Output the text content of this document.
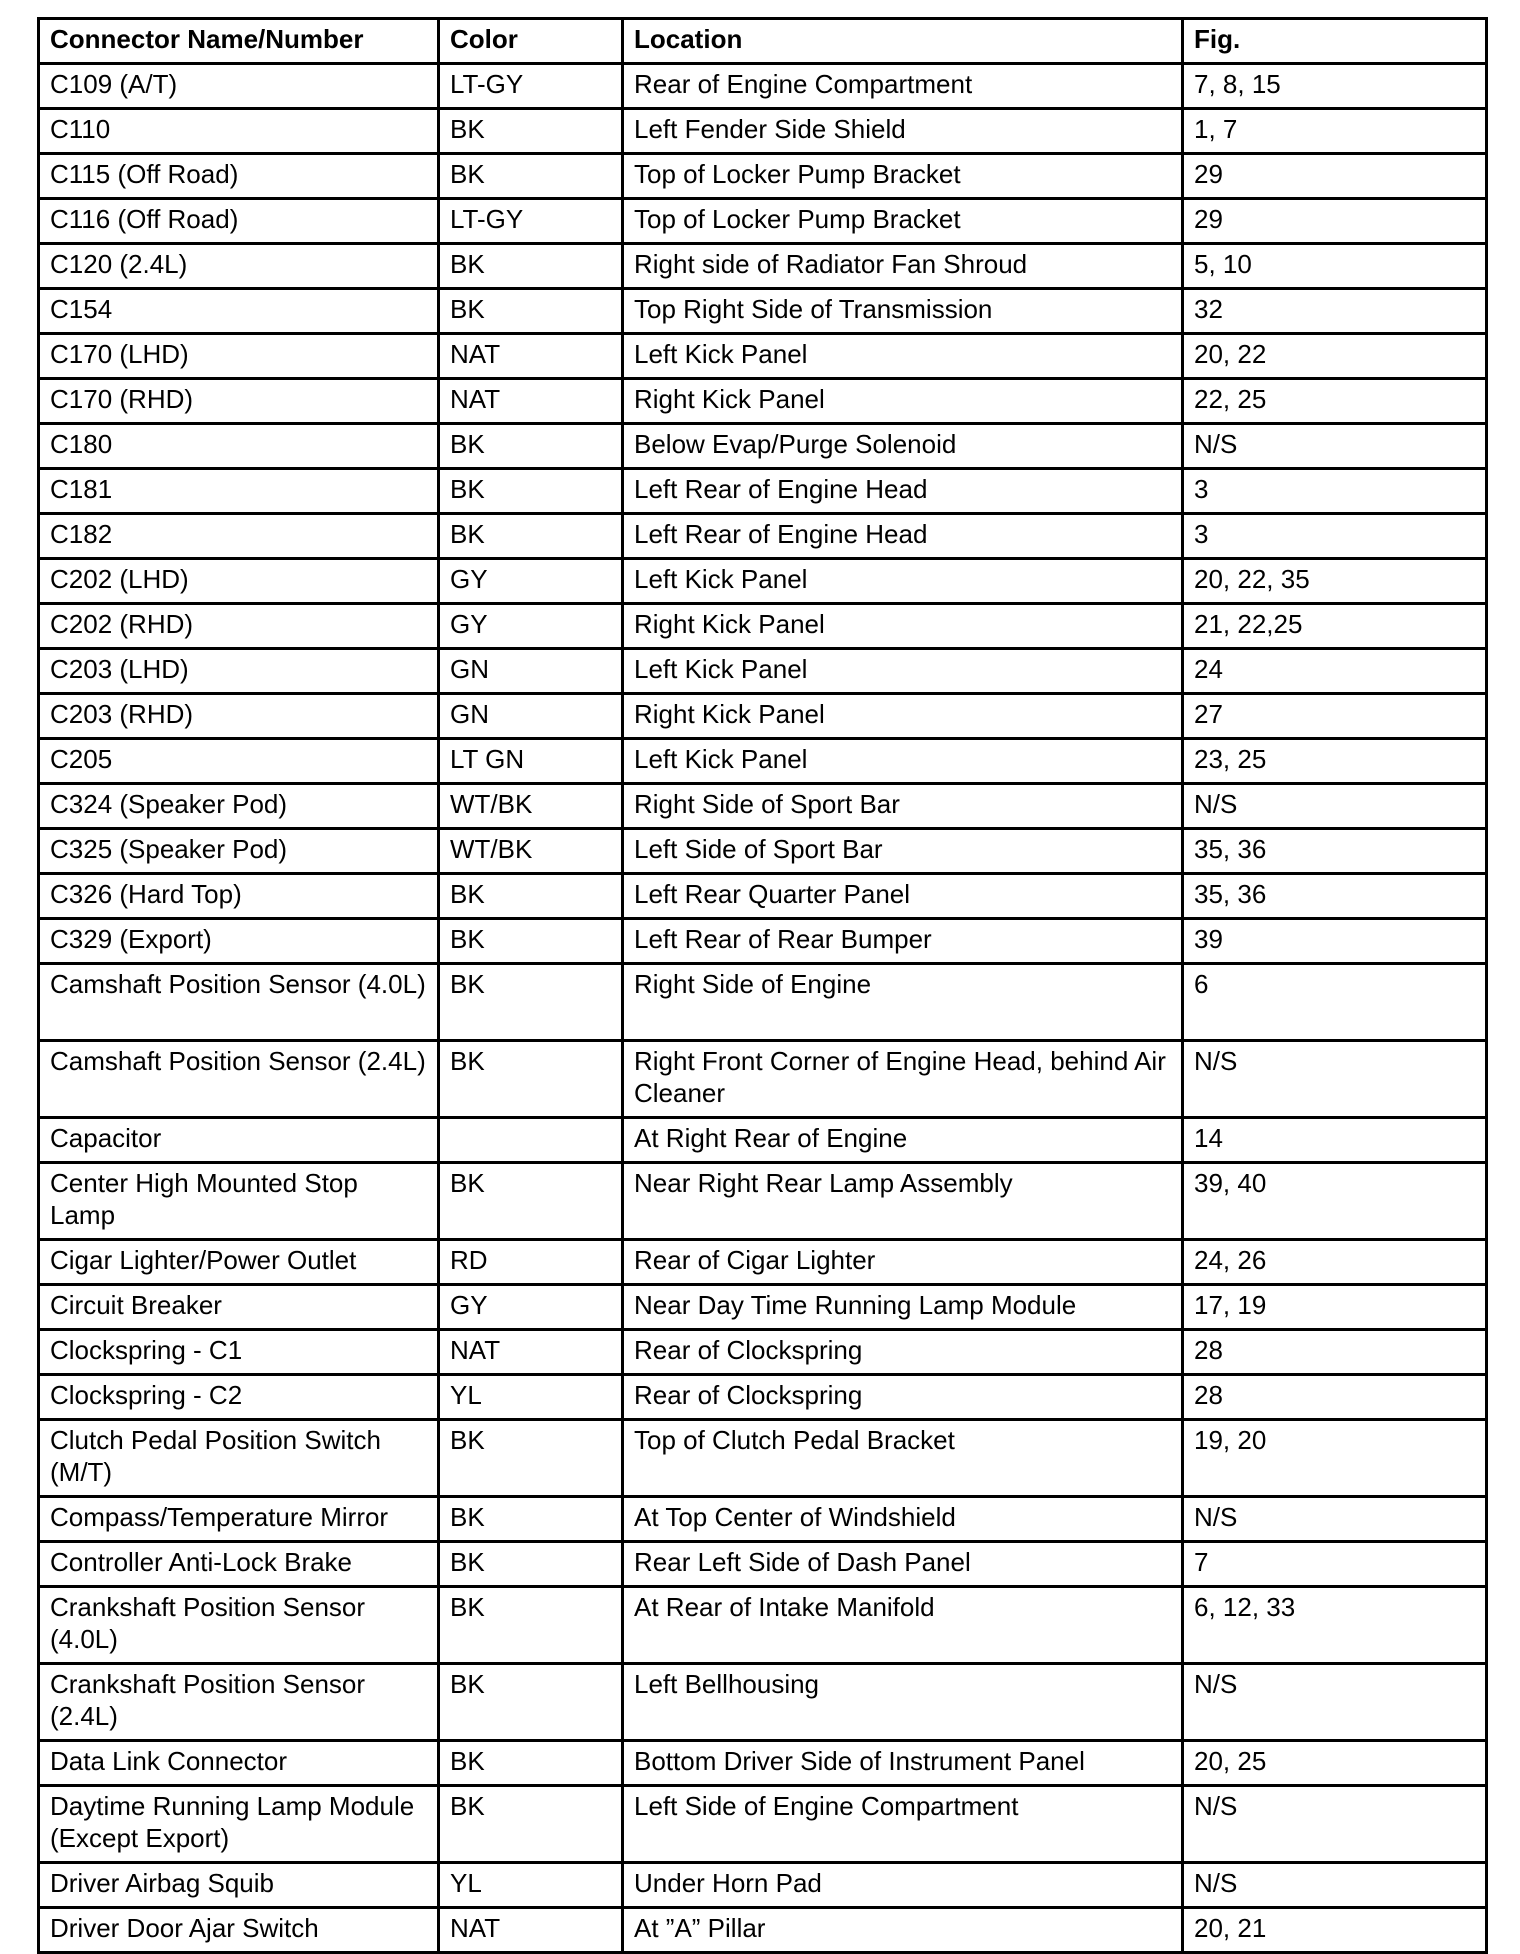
Connector Name/Number	Color	Location	Fig.
C109 (A/T)	LT-GY	Rear of Engine Compartment	7, 8, 15
C110	BK	Left Fender Side Shield	1, 7
C115 (Off Road)	BK	Top of Locker Pump Bracket	29
C116 (Off Road)	LT-GY	Top of Locker Pump Bracket	29
C120 (2.4L)	BK	Right side of Radiator Fan Shroud	5, 10
C154	BK	Top Right Side of Transmission	32
C170 (LHD)	NAT	Left Kick Panel	20, 22
C170 (RHD)	NAT	Right Kick Panel	22, 25
C180	BK	Below Evap/Purge Solenoid	N/S
C181	BK	Left Rear of Engine Head	3
C182	BK	Left Rear of Engine Head	3
C202 (LHD)	GY	Left Kick Panel	20, 22, 35
C202 (RHD)	GY	Right Kick Panel	21, 22,25
C203 (LHD)	GN	Left Kick Panel	24
C203 (RHD)	GN	Right Kick Panel	27
C205	LT GN	Left Kick Panel	23, 25
C324 (Speaker Pod)	WT/BK	Right Side of Sport Bar	N/S
C325 (Speaker Pod)	WT/BK	Left Side of Sport Bar	35, 36
C326 (Hard Top)	BK	Left Rear Quarter Panel	35, 36
C329 (Export)	BK	Left Rear of Rear Bumper	39
Camshaft Position Sensor (4.0L)	BK	Right Side of Engine	6
Camshaft Position Sensor (2.4L)	BK	Right Front Corner of Engine Head, behind Air Cleaner	N/S
Capacitor		At Right Rear of Engine	14
Center High Mounted Stop Lamp	BK	Near Right Rear Lamp Assembly	39, 40
Cigar Lighter/Power Outlet	RD	Rear of Cigar Lighter	24, 26
Circuit Breaker	GY	Near Day Time Running Lamp Module	17, 19
Clockspring - C1	NAT	Rear of Clockspring	28
Clockspring - C2	YL	Rear of Clockspring	28
Clutch Pedal Position Switch (M/T)	BK	Top of Clutch Pedal Bracket	19, 20
Compass/Temperature Mirror	BK	At Top Center of Windshield	N/S
Controller Anti-Lock Brake	BK	Rear Left Side of Dash Panel	7
Crankshaft Position Sensor (4.0L)	BK	At Rear of Intake Manifold	6, 12, 33
Crankshaft Position Sensor (2.4L)	BK	Left Bellhousing	N/S
Data Link Connector	BK	Bottom Driver Side of Instrument Panel	20, 25
Daytime Running Lamp Module (Except Export)	BK	Left Side of Engine Compartment	N/S
Driver Airbag Squib	YL	Under Horn Pad	N/S
Driver Door Ajar Switch	NAT	At ”A” Pillar	20, 21
